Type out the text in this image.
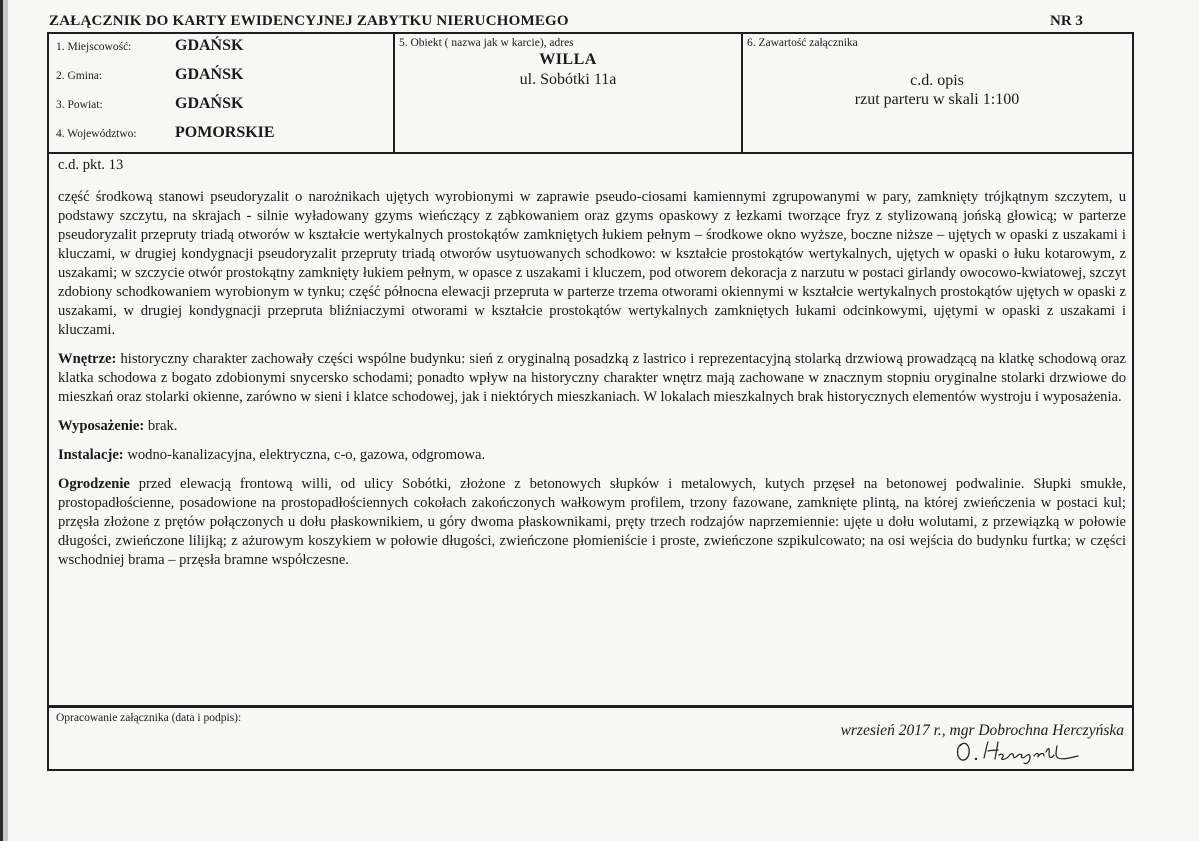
ZAŁĄCZNIK DO KARTY EWIDENCYJNEJ ZABYTKU NIERUCHOMEGO	NR 3
1. Miejscowość:	GDAŃSK
2. Gmina:	GDAŃSK
3. Powiat:	GDAŃSK
4. Województwo: POMORSKIE
5. Obiekt ( nazwa jak w karcie), adres
WILLA
ul. Sobótki 11a
6. Zawartość załącznika
c.d. opis
rzut parteru w skali 1:100

c.d. pkt. 13

część środkową stanowi pseudoryzalit o narożnikach ujętych wyrobionymi w zaprawie pseudo-ciosami kamiennymi zgrupowanymi w pary, zamknięty trójkątnym szczytem, u podstawy szczytu, na skrajach - silnie wyładowany gzyms wieńczący z ząbkowaniem oraz gzyms opaskowy z łezkami tworzące fryz z stylizowaną jońską głowicą; w parterze pseudoryzalit przepruty triadą otworów w kształcie wertykalnych prostokątów zamkniętych łukiem pełnym – środkowe okno wyższe, boczne niższe – ujętych w opaski z uszakami i kluczami, w drugiej kondygnacji pseudoryzalit przepruty triadą otworów usytuowanych schodkowo: w kształcie prostokątów wertykalnych, ujętych w opaski o łuku kotarowym, z uszakami; w szczycie otwór prostokątny zamknięty łukiem pełnym, w opasce z uszakami i kluczem, pod otworem dekoracja z narzutu w postaci girlandy owocowo-kwiatowej, szczyt zdobiony schodkowaniem wyrobionym w tynku; część północna elewacji przepruta w parterze trzema otworami okiennymi w kształcie wertykalnych prostokątów ujętych w opaski z uszakami, w drugiej kondygnacji przepruta bliźniaczymi otworami w kształcie prostokątów wertykalnych zamkniętych łukami odcinkowymi, ujętymi w opaski z uszakami i kluczami.

Wnętrze: historyczny charakter zachowały części wspólne budynku: sień z oryginalną posadzką z lastrico i reprezentacyjną stolarką drzwiową prowadzącą na klatkę schodową oraz klatka schodowa z bogato zdobionymi snycersko schodami; ponadto wpływ na historyczny charakter wnętrz mają zachowane w znacznym stopniu oryginalne stolarki drzwiowe do mieszkań oraz stolarki okienne, zarówno w sieni i klatce schodowej, jak i niektórych mieszkaniach. W lokalach mieszkalnych brak historycznych elementów wystroju i wyposażenia.

Wyposażenie: brak.

Instalacje: wodno-kanalizacyjna, elektryczna, c-o, gazowa, odgromowa.

Ogrodzenie przed elewacją frontową willi, od ulicy Sobótki, złożone z betonowych słupków i metalowych, kutych przęseł na betonowej podwalinie. Słupki smukłe, prostopadłościenne, posadowione na prostopadłościennych cokołach zakończonych wałkowym profilem, trzony fazowane, zamknięte plintą, na której zwieńczenia w postaci kul; przęsła złożone z prętów połączonych u dołu płaskownikiem, u góry dwoma płaskownikami, pręty trzech rodzajów naprzemiennie: ujęte u dołu wolutami, z przewiązką w połowie długości, zwieńczone lilijką; z ażurowym koszykiem w połowie długości, zwieńczone płomieniście i proste, zwieńczone szpikulcowato; na osi wejścia do budynku furtka; w części wschodniej brama – przęsła bramne współczesne.

Opracowanie załącznika (data i podpis):
wrzesień 2017 r., mgr Dobrochna Herczyńska
